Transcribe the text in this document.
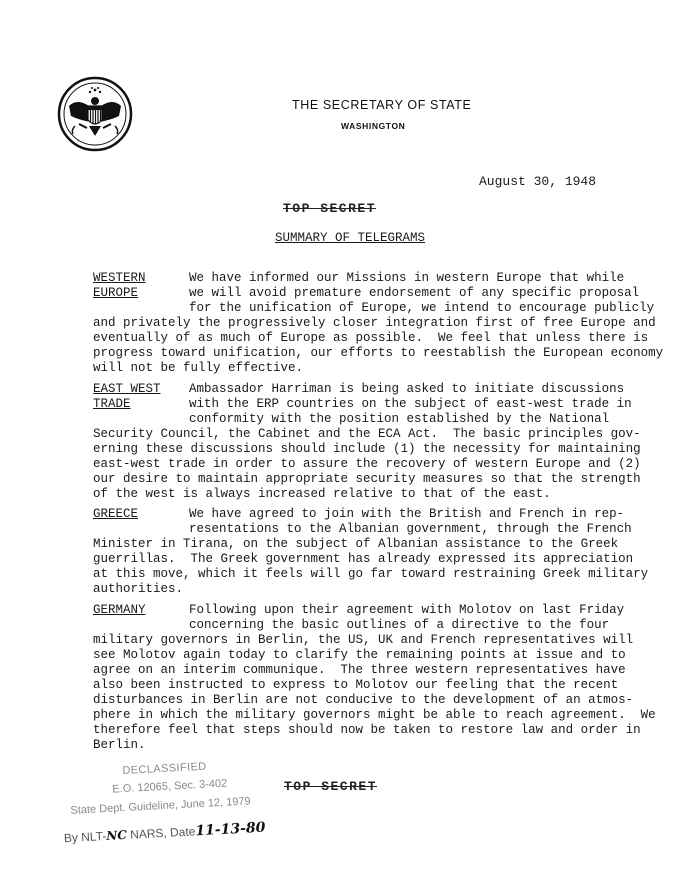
THE SECRETARY OF STATE
WASHINGTON
August 30, 1948
TOP SECRET
SUMMARY OF TELEGRAMS
WESTERN
EUROPE
We have informed our Missions in western Europe that while
we will avoid premature endorsement of any specific proposal
for the unification of Europe, we intend to encourage publicly
and privately the progressively closer integration first of free Europe and
eventually of as much of Europe as possible.  We feel that unless there is
progress toward unification, our efforts to reestablish the European economy
will not be fully effective.
EAST WEST
TRADE
Ambassador Harriman is being asked to initiate discussions
with the ERP countries on the subject of east-west trade in
conformity with the position established by the National
Security Council, the Cabinet and the ECA Act.  The basic principles gov-
erning these discussions should include (1) the necessity for maintaining
east-west trade in order to assure the recovery of western Europe and (2)
our desire to maintain appropriate security measures so that the strength
of the west is always increased relative to that of the east.
GREECE	We have agreed to join with the British and French in rep-
resentations to the Albanian government, through the French
Minister in Tirana, on the subject of Albanian assistance to the Greek
guerrillas.  The Greek government has already expressed its appreciation
at this move, which it feels will go far toward restraining Greek military
authorities.
GERMANY	Following upon their agreement with Molotov on last Friday
concerning the basic outlines of a directive to the four
military governors in Berlin, the US, UK and French representatives will
see Molotov again today to clarify the remaining points at issue and to
agree on an interim communique.  The three western representatives have
also been instructed to express to Molotov our feeling that the recent
disturbances in Berlin are not conducive to the development of an atmos-
phere in which the military governors might be able to reach agreement.  We
therefore feel that steps should now be taken to restore law and order in
Berlin.
TOP SECRET
DECLASSIFIED
E.O. 12065, Sec. 3-402
State Dept. Guideline, June 12, 1979
By NLT-NC NARS, Date11-13-80
